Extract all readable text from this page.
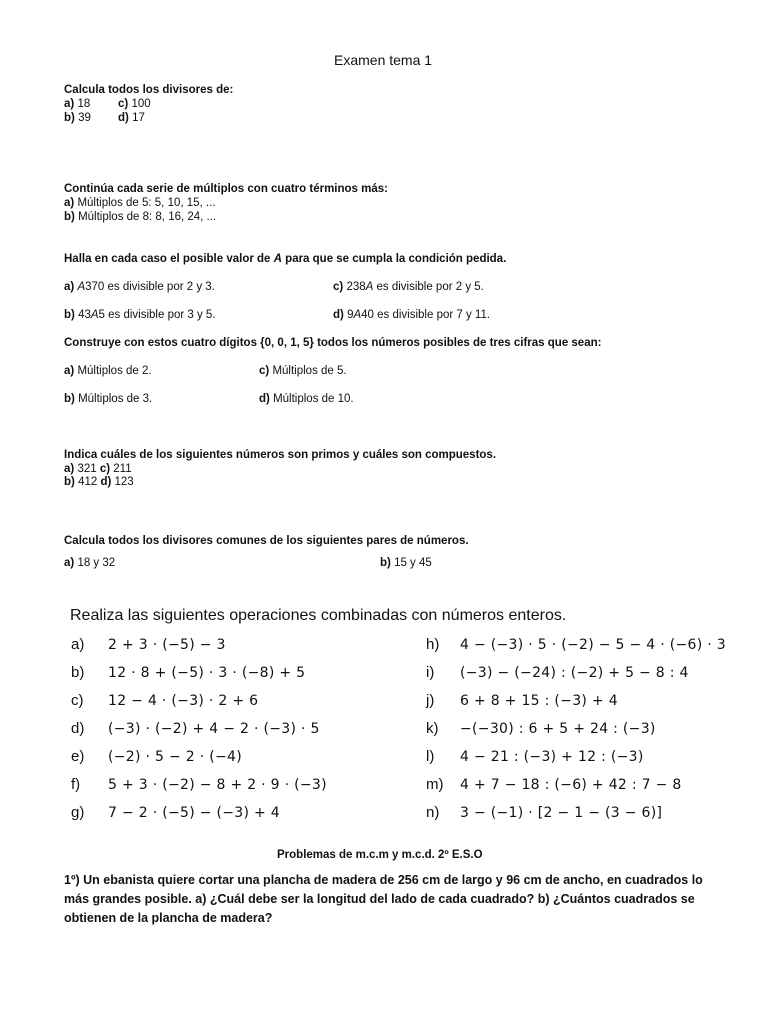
Examen tema 1
Calcula todos los divisores de:
a) 18 c) 100
b) 39 d) 17
Continúa cada serie de múltiplos con cuatro términos más:
a) Múltiplos de 5: 5, 10, 15, ...
b) Múltiplos de 8: 8, 16, 24, ...
Halla en cada caso el posible valor de A para que se cumpla la condición pedida.
a) A370 es divisible por 2 y 3.	c) 238A es divisible por 2 y 5.
b) 43A5 es divisible por 3 y 5.	d) 9A40 es divisible por 7 y 11.
Construye con estos cuatro dígitos {0, 0, 1, 5} todos los números posibles de tres cifras que sean:
a) Múltiplos de 2.	c) Múltiplos de 5.
b) Múltiplos de 3.	d) Múltiplos de 10.
Indica cuáles de los siguientes números son primos y cuáles son compuestos.
a) 321 c) 211
b) 412 d) 123
Calcula todos los divisores comunes de los siguientes pares de números.
a) 18 y 32	b) 15 y 45
Realiza las siguientes operaciones combinadas con números enteros.
a) 2 + 3 · (−5) − 3
b) 12 · 8 + (−5) · 3 · (−8) + 5
c) 12 − 4 · (−3) · 2 + 6
d) (−3) · (−2) + 4 − 2 · (−3) · 5
e) (−2) · 5 − 2 · (−4)
f) 5 + 3 · (−2) − 8 + 2 · 9 · (−3)
g) 7 − 2 · (−5) − (−3) + 4
h) 4 − (−3) · 5 · (−2) − 5 − 4 · (−6) · 3
i) (−3) − (−24) : (−2) + 5 − 8 : 4
j) 6 + 8 + 15 : (−3) + 4
k) −(−30) : 6 + 5 + 24 : (−3)
l) 4 − 21 : (−3) + 12 : (−3)
m) 4 + 7 − 18 : (−6) + 42 : 7 − 8
n) 3 − (−1) · [2 − 1 − (3 − 6)]
Problemas de m.c.m y m.c.d. 2º E.S.O
1º) Un ebanista quiere cortar una plancha de madera de 256 cm de largo y 96 cm de ancho, en cuadrados lo más grandes posible. a) ¿Cuál debe ser la longitud del lado de cada cuadrado? b) ¿Cuántos cuadrados se obtienen de la plancha de madera?
